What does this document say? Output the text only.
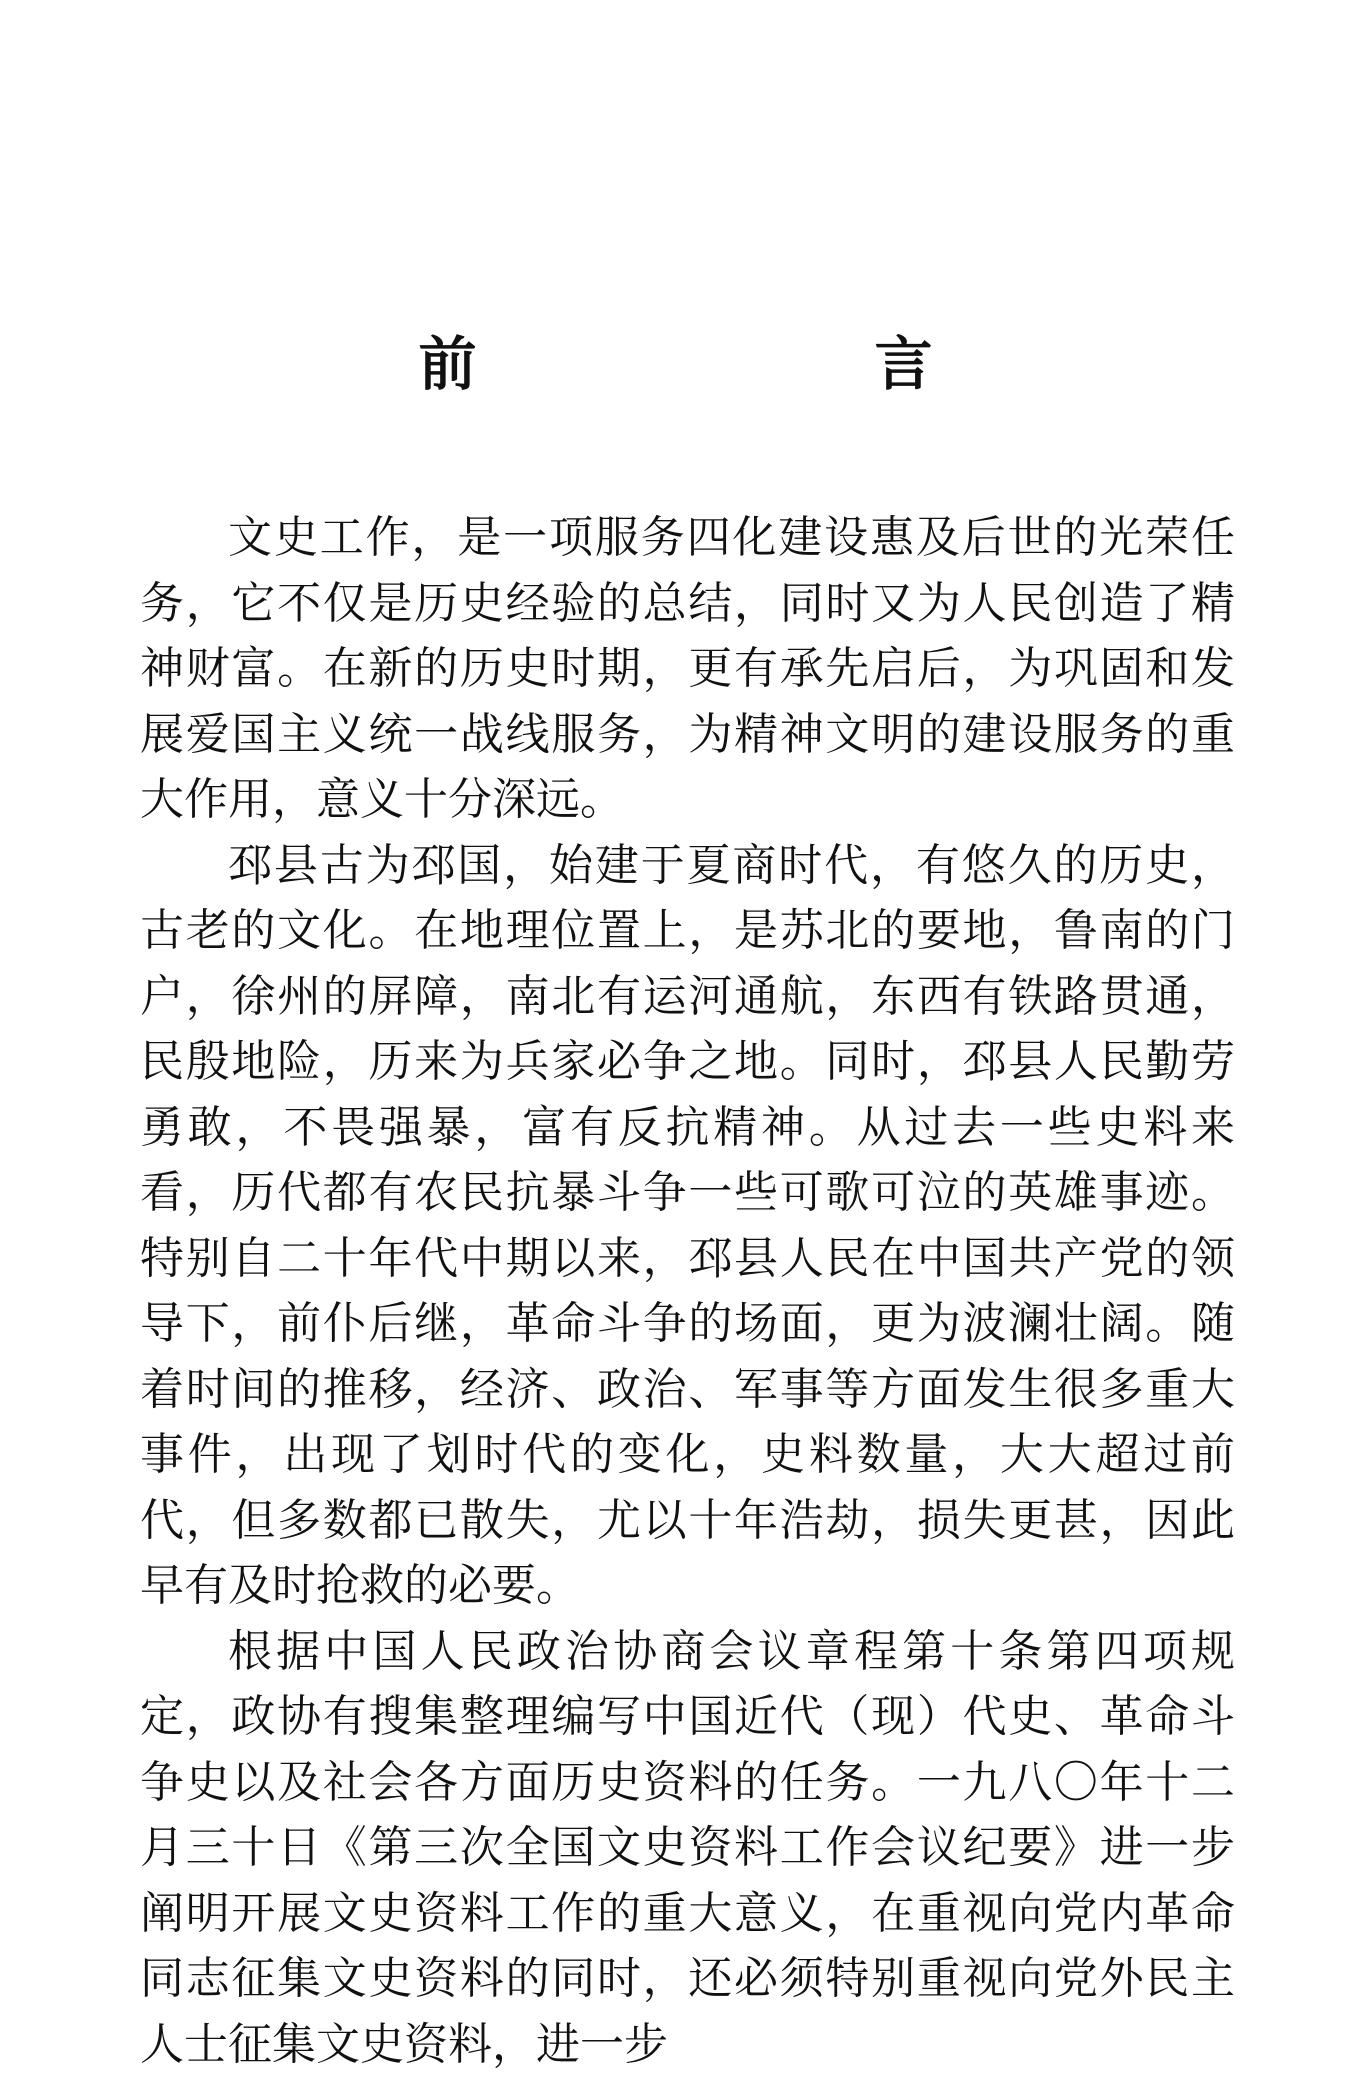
前　言

文史工作，是一项服务四化建设惠及后世的光荣任务，它不仅是历史经验的总结，同时又为人民创造了精神财富。在新的历史时期，更有承先启后，为巩固和发展爱国主义统一战线服务，为精神文明的建设服务的重大作用，意义十分深远。

邳县古为邳国，始建于夏商时代，有悠久的历史，古老的文化。在地理位置上，是苏北的要地，鲁南的门户，徐州的屏障，南北有运河通航，东西有铁路贯通，民殷地险，历来为兵家必争之地。同时，邳县人民勤劳勇敢，不畏强暴，富有反抗精神。从过去一些史料来看，历代都有农民抗暴斗争一些可歌可泣的英雄事迹。特别自二十年代中期以来，邳县人民在中国共产党的领导下，前仆后继，革命斗争的场面，更为波澜壮阔。随着时间的推移，经济、政治、军事等方面发生很多重大事件，出现了划时代的变化，史料数量，大大超过前代，但多数都已散失，尤以十年浩劫，损失更甚，因此早有及时抢救的必要。

根据中国人民政治协商会议章程第十条第四项规定，政协有搜集整理编写中国近代（现）代史、革命斗争史以及社会各方面历史资料的任务。一九八〇年十二月三十日《第三次全国文史资料工作会议纪要》进一步阐明开展文史资料工作的重大意义，在重视向党内革命同志征集文史资料的同时，还必须特别重视向党外民主人士征集文史资料，进一步
